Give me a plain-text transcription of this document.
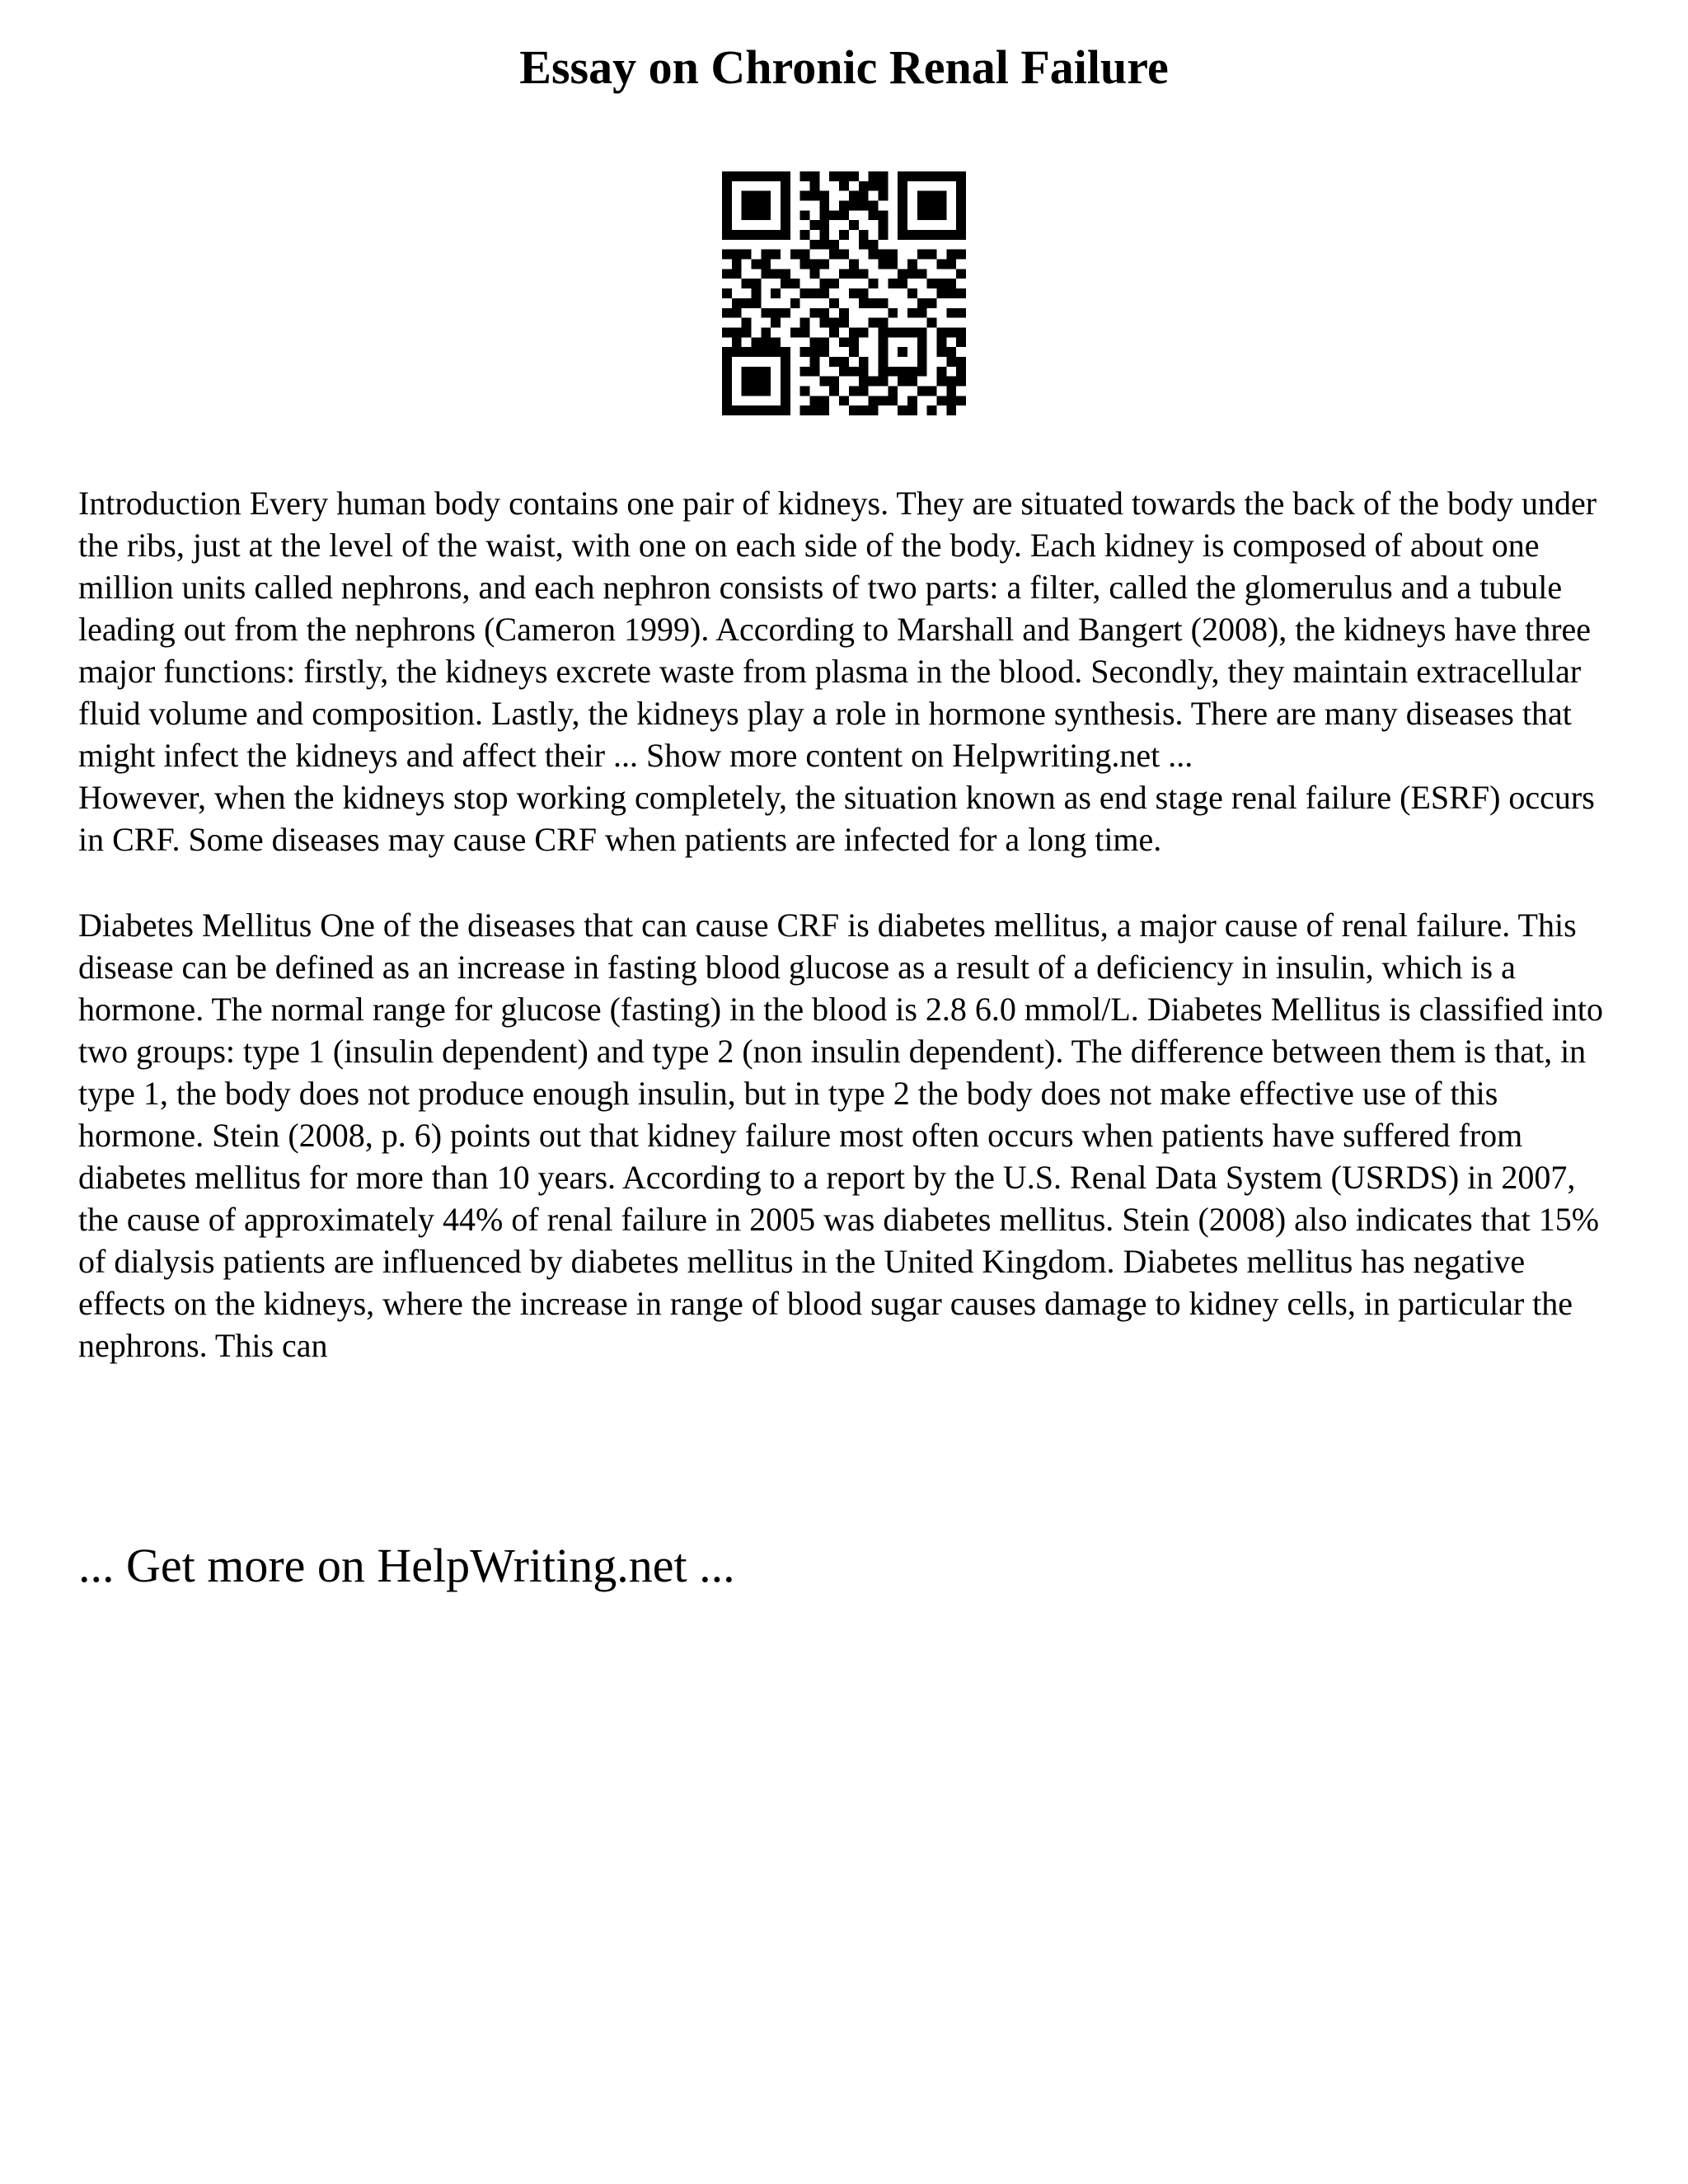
Essay on Chronic Renal Failure

Introduction Every human body contains one pair of kidneys. They are situated towards the back of the body under the ribs, just at the level of the waist, with one on each side of the body. Each kidney is composed of about one million units called nephrons, and each nephron consists of two parts: a filter, called the glomerulus and a tubule leading out from the nephrons (Cameron 1999). According to Marshall and Bangert (2008), the kidneys have three major functions: firstly, the kidneys excrete waste from plasma in the blood. Secondly, they maintain extracellular fluid volume and composition. Lastly, the kidneys play a role in hormone synthesis. There are many diseases that might infect the kidneys and affect their ... Show more content on Helpwriting.net ...

However, when the kidneys stop working completely, the situation known as end stage renal failure (ESRF) occurs in CRF. Some diseases may cause CRF when patients are infected for a long time.

Diabetes Mellitus One of the diseases that can cause CRF is diabetes mellitus, a major cause of renal failure. This disease can be defined as an increase in fasting blood glucose as a result of a deficiency in insulin, which is a hormone. The normal range for glucose (fasting) in the blood is 2.8 6.0 mmol/L. Diabetes Mellitus is classified into two groups: type 1 (insulin dependent) and type 2 (non insulin dependent). The difference between them is that, in type 1, the body does not produce enough insulin, but in type 2 the body does not make effective use of this hormone. Stein (2008, p. 6) points out that kidney failure most often occurs when patients have suffered from diabetes mellitus for more than 10 years. According to a report by the U.S. Renal Data System (USRDS) in 2007, the cause of approximately 44% of renal failure in 2005 was diabetes mellitus. Stein (2008) also indicates that 15% of dialysis patients are influenced by diabetes mellitus in the United Kingdom. Diabetes mellitus has negative effects on the kidneys, where the increase in range of blood sugar causes damage to kidney cells, in particular the nephrons. This can

... Get more on HelpWriting.net ...
